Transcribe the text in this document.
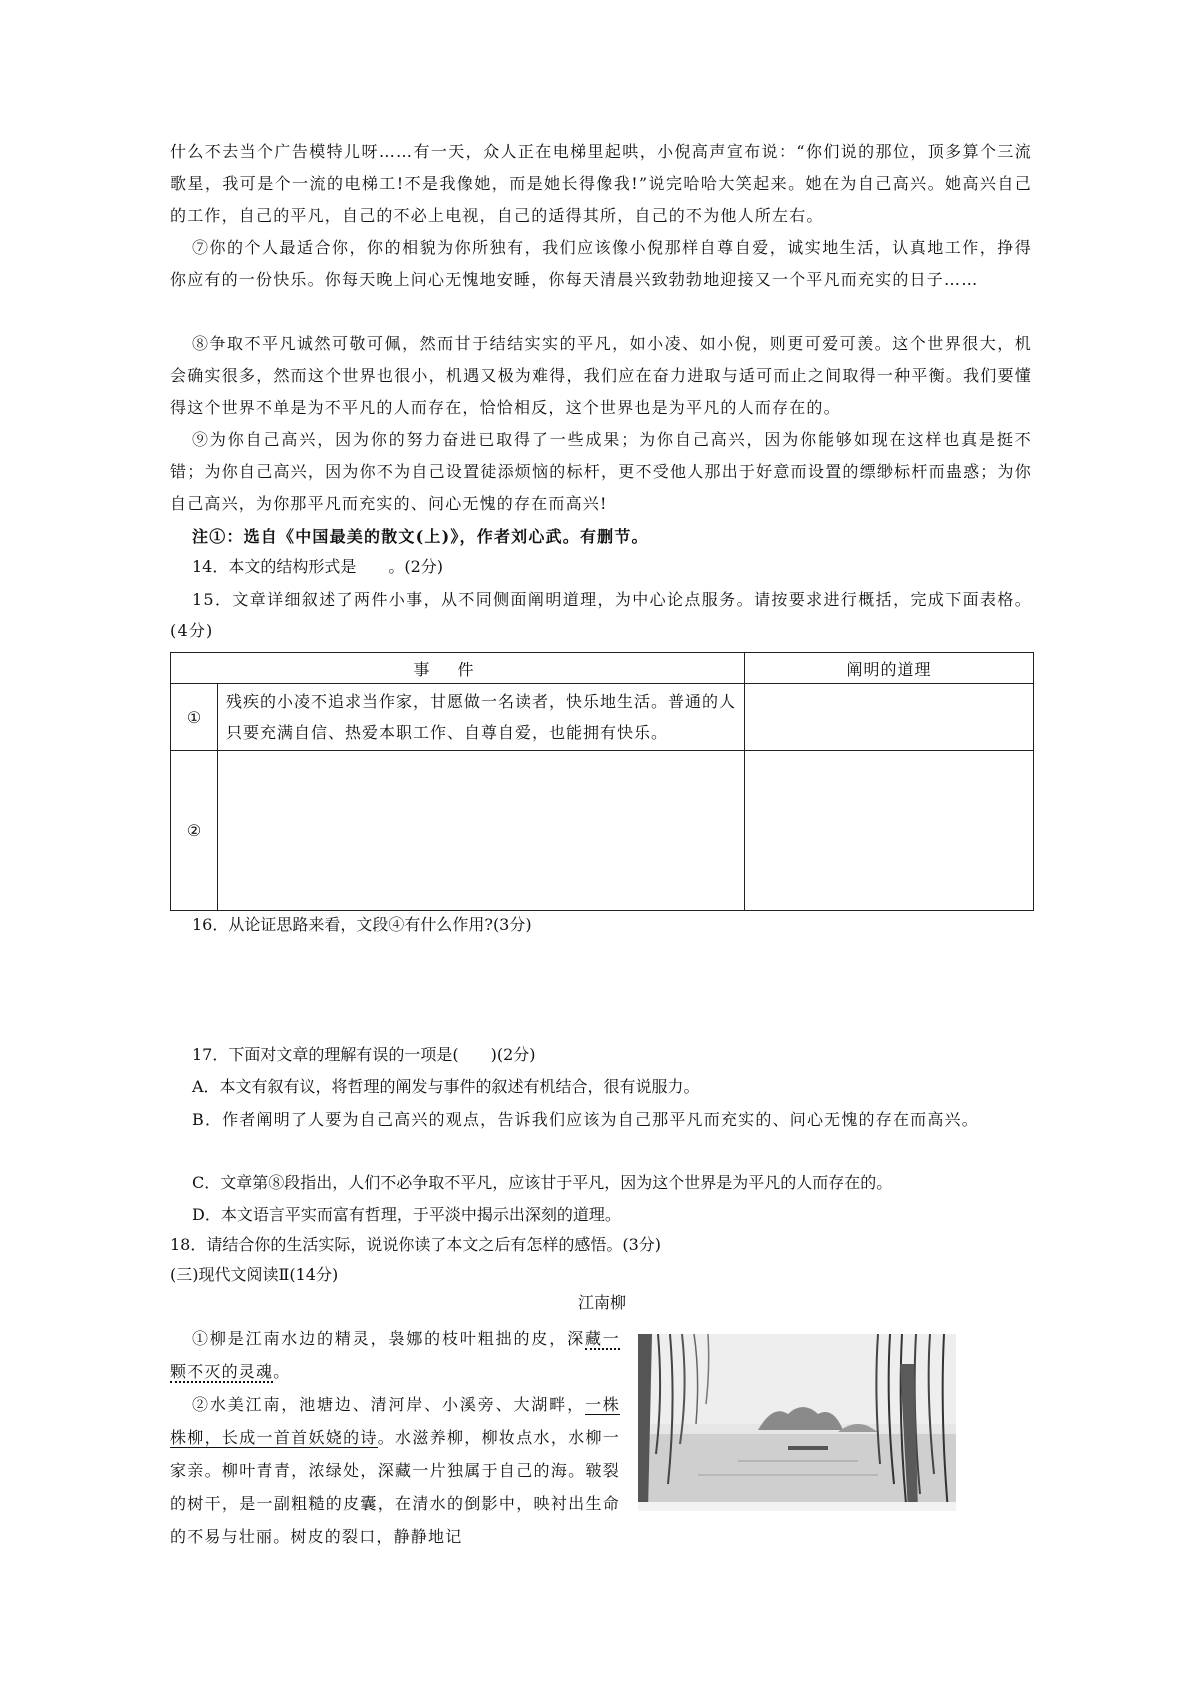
什么不去当个广告模特儿呀……有一天，众人正在电梯里起哄，小倪高声宣布说：“你们说的那位，顶多算个三流歌星，我可是个一流的电梯工!不是我像她，而是她长得像我!”说完哈哈大笑起来。她在为自己高兴。她高兴自己的工作，自己的平凡，自己的不必上电视，自己的适得其所，自己的不为他人所左右。

⑦你的个人最适合你，你的相貌为你所独有，我们应该像小倪那样自尊自爱，诚实地生活，认真地工作，挣得你应有的一份快乐。你每天晚上问心无愧地安睡，你每天清晨兴致勃勃地迎接又一个平凡而充实的日子……

⑧争取不平凡诚然可敬可佩，然而甘于结结实实的平凡，如小凌、如小倪，则更可爱可羡。这个世界很大，机会确实很多，然而这个世界也很小，机遇又极为难得，我们应在奋力进取与适可而止之间取得一种平衡。我们要懂得这个世界不单是为不平凡的人而存在，恰恰相反，这个世界也是为平凡的人而存在的。

⑨为你自己高兴，因为你的努力奋进已取得了一些成果；为你自己高兴，因为你能够如现在这样也真是挺不错；为你自己高兴，因为你不为自己设置徒添烦恼的标杆，更不受他人那出于好意而设置的缥缈标杆而蛊惑；为你自己高兴，为你那平凡而充实的、问心无愧的存在而高兴!

注①：选自《中国最美的散文(上)》，作者刘心武。有删节。

14．本文的结构形式是　　。(2分)

15．文章详细叙述了两件小事，从不同侧面阐明道理，为中心论点服务。请按要求进行概括，完成下面表格。(4分)

事件		阐明的道理
①	残疾的小凌不追求当作家，甘愿做一名读者，快乐地生活。普通的人只要充满自信、热爱本职工作、自尊自爱，也能拥有快乐。	

②		

16．从论证思路来看，文段④有什么作用?(3分)

17．下面对文章的理解有误的一项是(　　)(2分)

A．本文有叙有议，将哲理的阐发与事件的叙述有机结合，很有说服力。

B．作者阐明了人要为自己高兴的观点，告诉我们应该为自己那平凡而充实的、问心无愧的存在而高兴。

C．文章第⑧段指出，人们不必争取不平凡，应该甘于平凡，因为这个世界是为平凡的人而存在的。

D．本文语言平实而富有哲理，于平淡中揭示出深刻的道理。

18．请结合你的生活实际，说说你读了本文之后有怎样的感悟。(3分)

(三)现代文阅读Ⅱ(14分)

江南柳

①柳是江南水边的精灵，袅娜的枝叶粗拙的皮，深藏一颗不灭的灵魂。

②水美江南，池塘边、清河岸、小溪旁、大湖畔，一株株柳，长成一首首妖娆的诗。水滋养柳，柳妆点水，水柳一家亲。柳叶青青，浓绿处，深藏一片独属于自己的海。皲裂的树干，是一副粗糙的皮囊，在清水的倒影中，映衬出生命的不易与壮丽。树皮的裂口，静静地记
